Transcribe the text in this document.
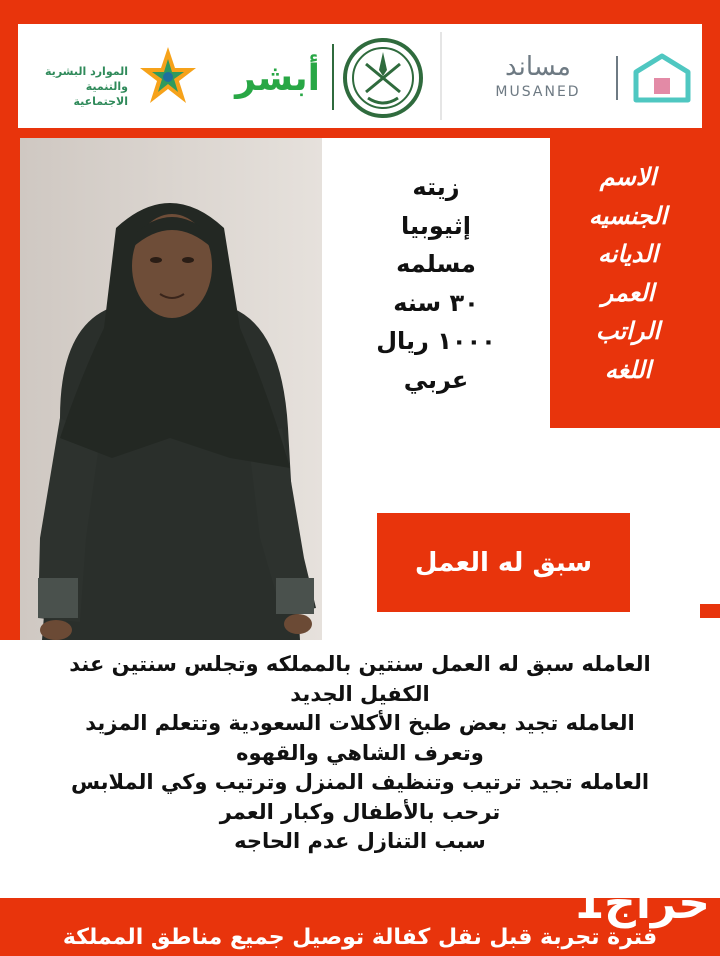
الموارد البشرية والتنمية الاجتماعية
أبشر	مساند
MUSANED
زيته
إثيوبيا
مسلمه
٣٠ سنه
١٠٠٠ ريال
عربي
الاسم
الجنسيه
الديانه
العمر
الراتب
اللغه
سبق له العمل
العامله سبق له العمل سنتين بالمملكه وتجلس سنتين عند
الكفيل الجديد
العامله تجيد بعض طبخ الأكلات السعودية وتتعلم المزيد
وتعرف الشاهي والقهوه
العامله تجيد ترتيب وتنظيف المنزل وترتيب وكي الملابس
ترحب بالأطفال وكبار العمر
سبب التنازل عدم الحاجه
حراج1
فترة تجربة قبل نقل كفالة توصيل جميع مناطق المملكة
